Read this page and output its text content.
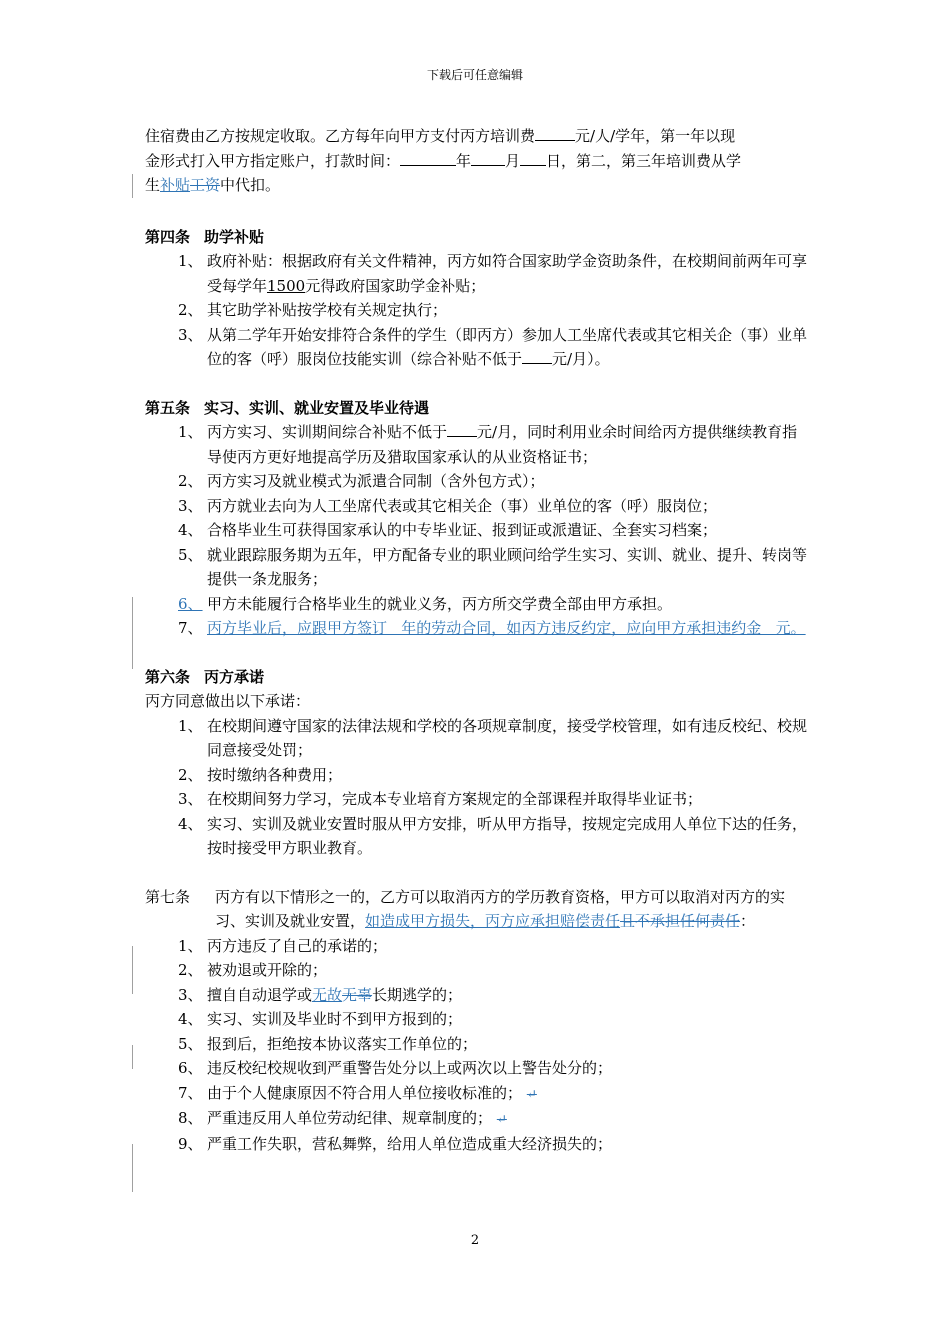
下载后可任意编辑
住宿费由乙方按规定收取。乙方每年向甲方支付丙方培训费	元/人/学年，第一年以现
金形式打入甲方指定账户，打款时间：	年 月 日，第二，第三年培训费从学
生补贴工资中代扣。
第四条 助学补贴
1、 政府补贴：根据政府有关文件精神，丙方如符合国家助学金资助条件，在校期间前两年可享受每学年1500元得政府国家助学金补贴；
2、 其它助学补贴按学校有关规定执行；
3、 从第二学年开始安排符合条件的学生（即丙方）参加人工坐席代表或其它相关企（事）业单位的客（呼）服岗位技能实训（综合补贴不低于 元/月）。
第五条 实习、实训、就业安置及毕业待遇
1、 丙方实习、实训期间综合补贴不低于 元/月，同时利用业余时间给丙方提供继续教育指导使丙方更好地提高学历及猎取国家承认的从业资格证书；
2、 丙方实习及就业模式为派遣合同制（含外包方式）；
3、 丙方就业去向为人工坐席代表或其它相关企（事）业单位的客（呼）服岗位；
4、 合格毕业生可获得国家承认的中专毕业证、报到证或派遣证、全套实习档案；
5、 就业跟踪服务期为五年，甲方配备专业的职业顾问给学生实习、实训、就业、提升、转岗等提供一条龙服务；
6、 甲方未能履行合格毕业生的就业义务，丙方所交学费全部由甲方承担。
7、 丙方毕业后，应跟甲方签订   年的劳动合同，如丙方违反约定，应向甲方承担违约金   元。
第六条 丙方承诺
丙方同意做出以下承诺：
1、 在校期间遵守国家的法律法规和学校的各项规章制度，接受学校管理，如有违反校纪、校规同意接受处罚；
2、 按时缴纳各种费用；
3、 在校期间努力学习，完成本专业培育方案规定的全部课程并取得毕业证书；
4、 实习、实训及就业安置时服从甲方安排，听从甲方指导，按规定完成用人单位下达的任务，按时接受甲方职业教育。
第七条 丙方有以下情形之一的，乙方可以取消丙方的学历教育资格，甲方可以取消对丙方的实习、实训及就业安置，如造成甲方损失，丙方应承担赔偿责任且不承担任何责任：
1、 丙方违反了自己的承诺的；
2、 被劝退或开除的；
3、 擅自自动退学或无故无辜长期逃学的；
4、 实习、实训及毕业时不到甲方报到的；
5、 报到后，拒绝按本协议落实工作单位的；
6、 违反校纪校规收到严重警告处分以上或两次以上警告处分的；
7、 由于个人健康原因不符合用人单位接收标准的； ↵
8、 严重违反用人单位劳动纪律、规章制度的； ↵
9、 严重工作失职，营私舞弊，给用人单位造成重大经济损失的；
2
